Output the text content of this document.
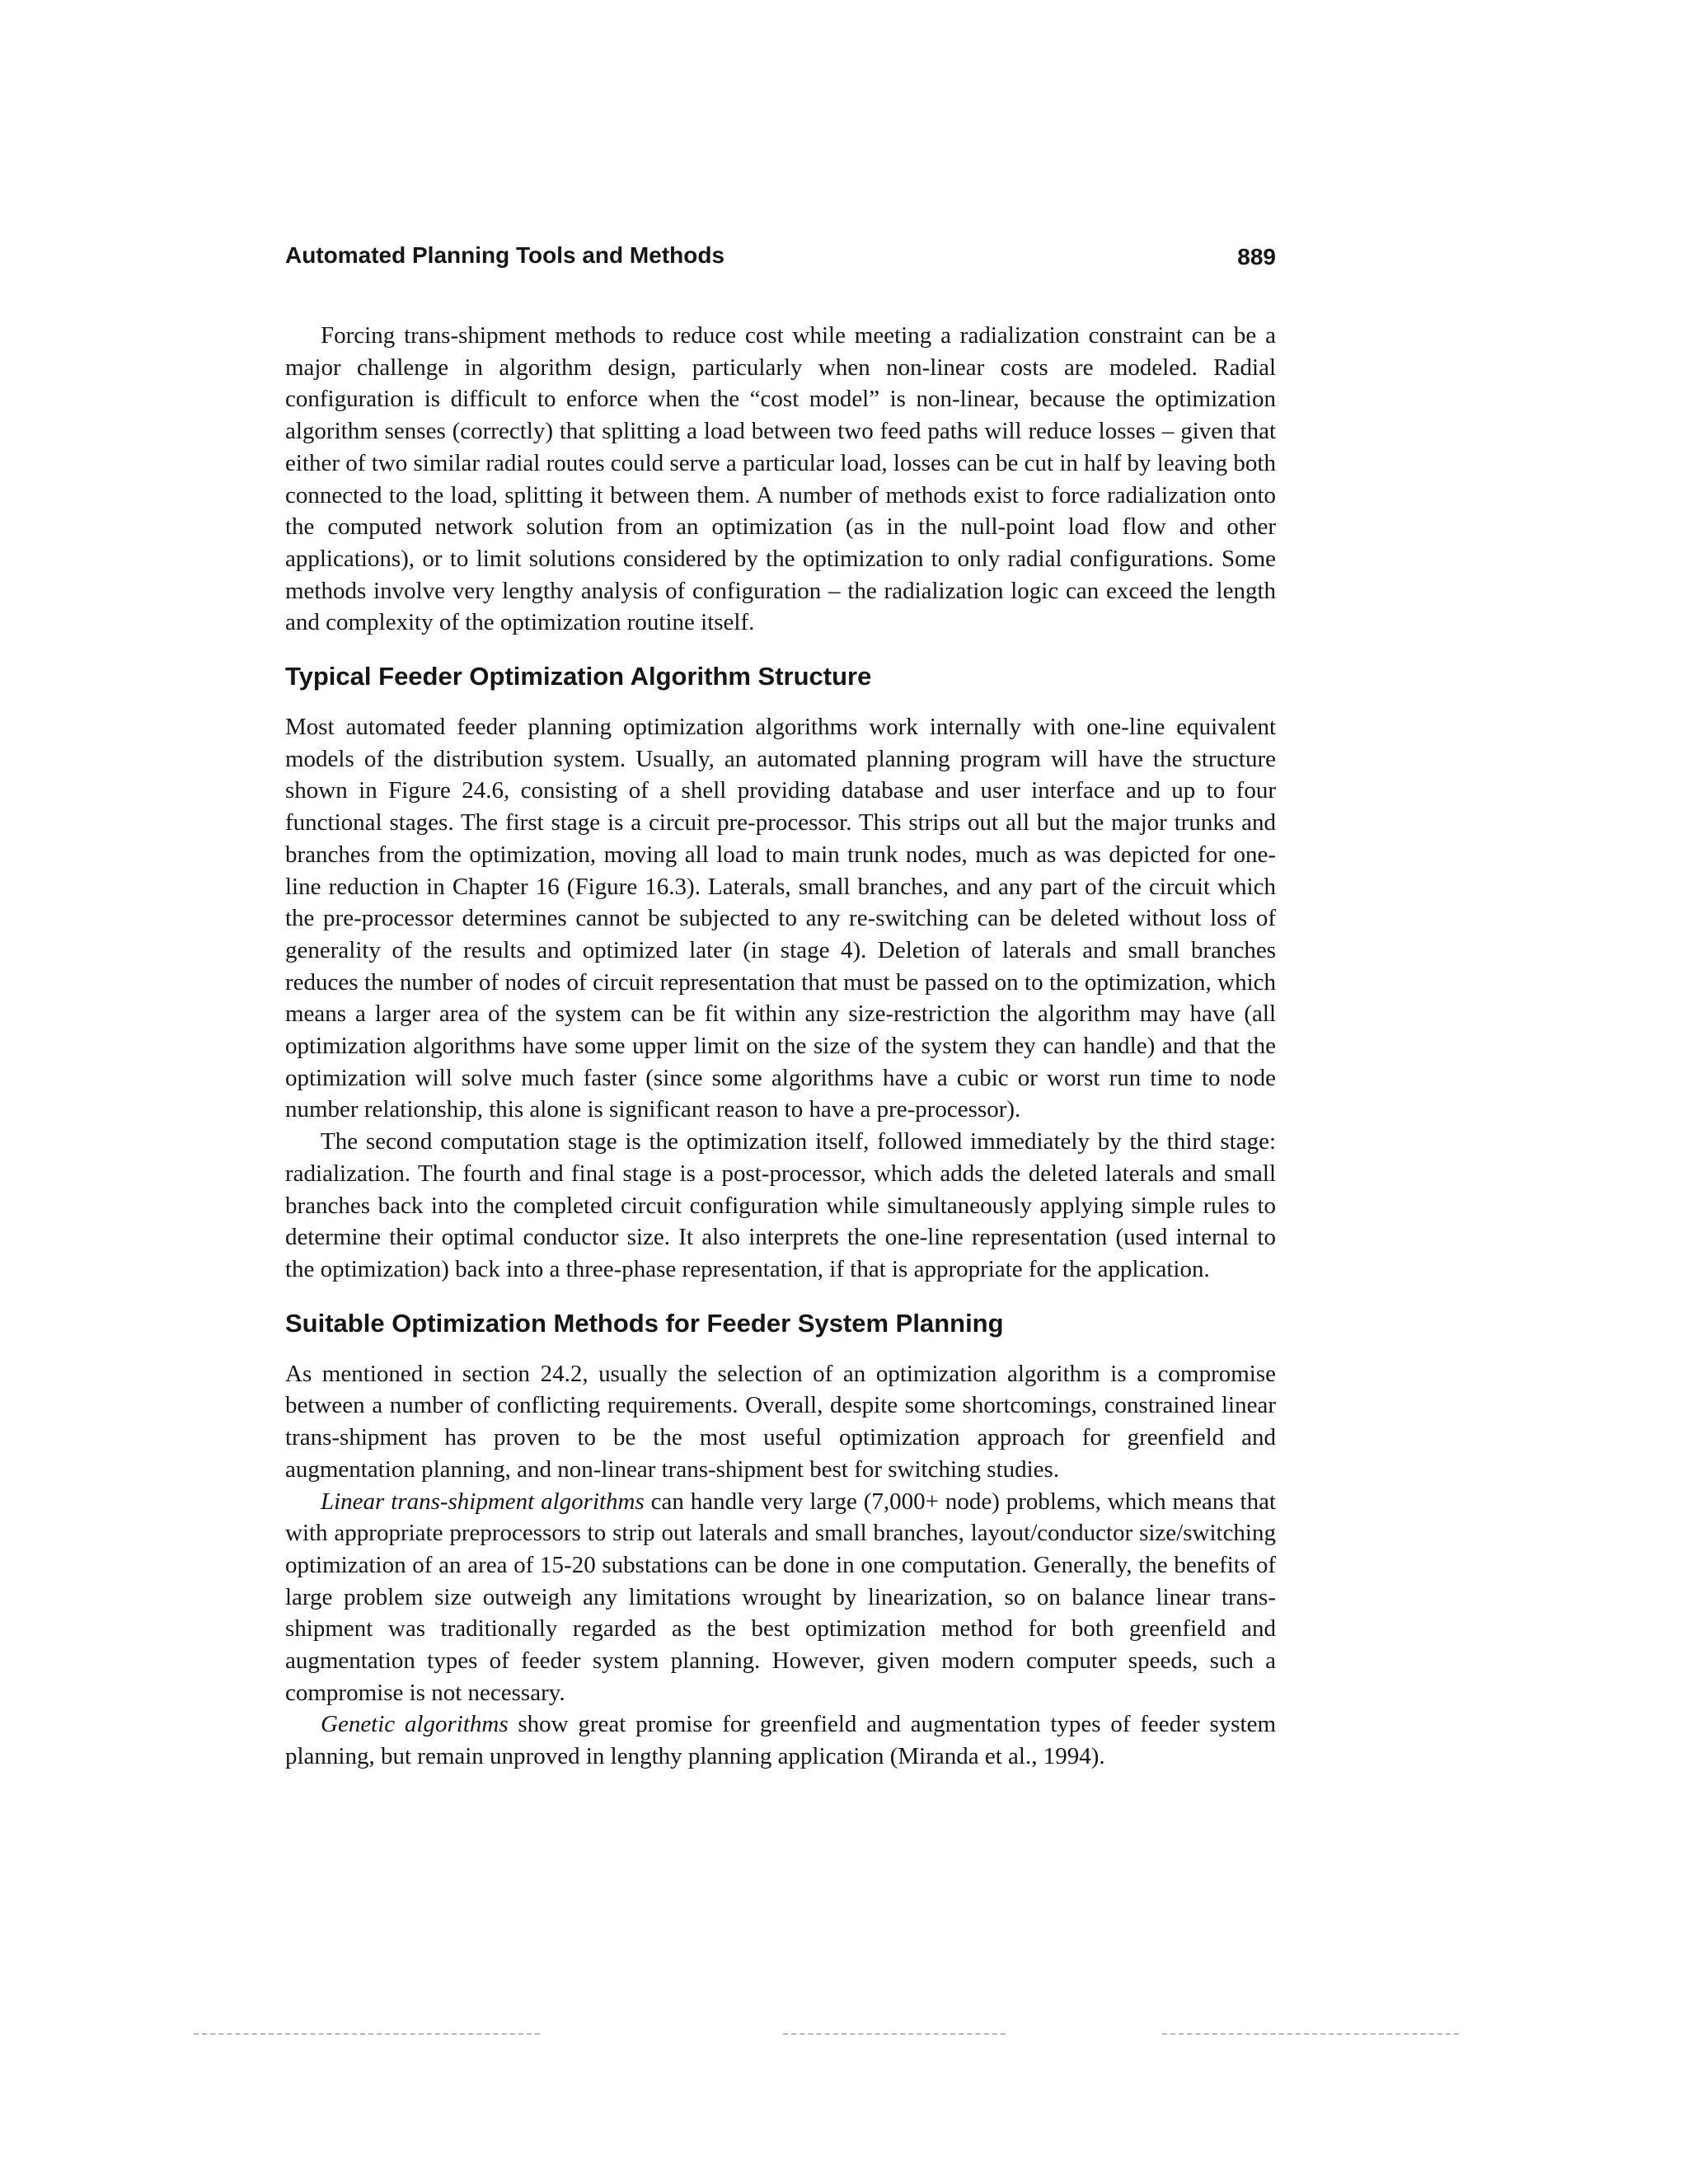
Automated Planning Tools and Methods	889

Forcing trans-shipment methods to reduce cost while meeting a radialization constraint can be a major challenge in algorithm design, particularly when non-linear costs are modeled. Radial configuration is difficult to enforce when the “cost model” is non-linear, because the optimization algorithm senses (correctly) that splitting a load between two feed paths will reduce losses – given that either of two similar radial routes could serve a particular load, losses can be cut in half by leaving both connected to the load, splitting it between them. A number of methods exist to force radialization onto the computed network solution from an optimization (as in the null-point load flow and other applications), or to limit solutions considered by the optimization to only radial configurations. Some methods involve very lengthy analysis of configuration – the radialization logic can exceed the length and complexity of the optimization routine itself.

Typical Feeder Optimization Algorithm Structure

Most automated feeder planning optimization algorithms work internally with one-line equivalent models of the distribution system. Usually, an automated planning program will have the structure shown in Figure 24.6, consisting of a shell providing database and user interface and up to four functional stages. The first stage is a circuit pre-processor. This strips out all but the major trunks and branches from the optimization, moving all load to main trunk nodes, much as was depicted for one-line reduction in Chapter 16 (Figure 16.3). Laterals, small branches, and any part of the circuit which the pre-processor determines cannot be subjected to any re-switching can be deleted without loss of generality of the results and optimized later (in stage 4). Deletion of laterals and small branches reduces the number of nodes of circuit representation that must be passed on to the optimization, which means a larger area of the system can be fit within any size-restriction the algorithm may have (all optimization algorithms have some upper limit on the size of the system they can handle) and that the optimization will solve much faster (since some algorithms have a cubic or worst run time to node number relationship, this alone is significant reason to have a pre-processor).

The second computation stage is the optimization itself, followed immediately by the third stage: radialization. The fourth and final stage is a post-processor, which adds the deleted laterals and small branches back into the completed circuit configuration while simultaneously applying simple rules to determine their optimal conductor size. It also interprets the one-line representation (used internal to the optimization) back into a three-phase representation, if that is appropriate for the application.

Suitable Optimization Methods for Feeder System Planning

As mentioned in section 24.2, usually the selection of an optimization algorithm is a compromise between a number of conflicting requirements. Overall, despite some shortcomings, constrained linear trans-shipment has proven to be the most useful optimization approach for greenfield and augmentation planning, and non-linear trans-shipment best for switching studies.

Linear trans-shipment algorithms can handle very large (7,000+ node) problems, which means that with appropriate preprocessors to strip out laterals and small branches, layout/conductor size/switching optimization of an area of 15-20 substations can be done in one computation. Generally, the benefits of large problem size outweigh any limitations wrought by linearization, so on balance linear trans-shipment was traditionally regarded as the best optimization method for both greenfield and augmentation types of feeder system planning. However, given modern computer speeds, such a compromise is not necessary.

Genetic algorithms show great promise for greenfield and augmentation types of feeder system planning, but remain unproved in lengthy planning application (Miranda et al., 1994).
